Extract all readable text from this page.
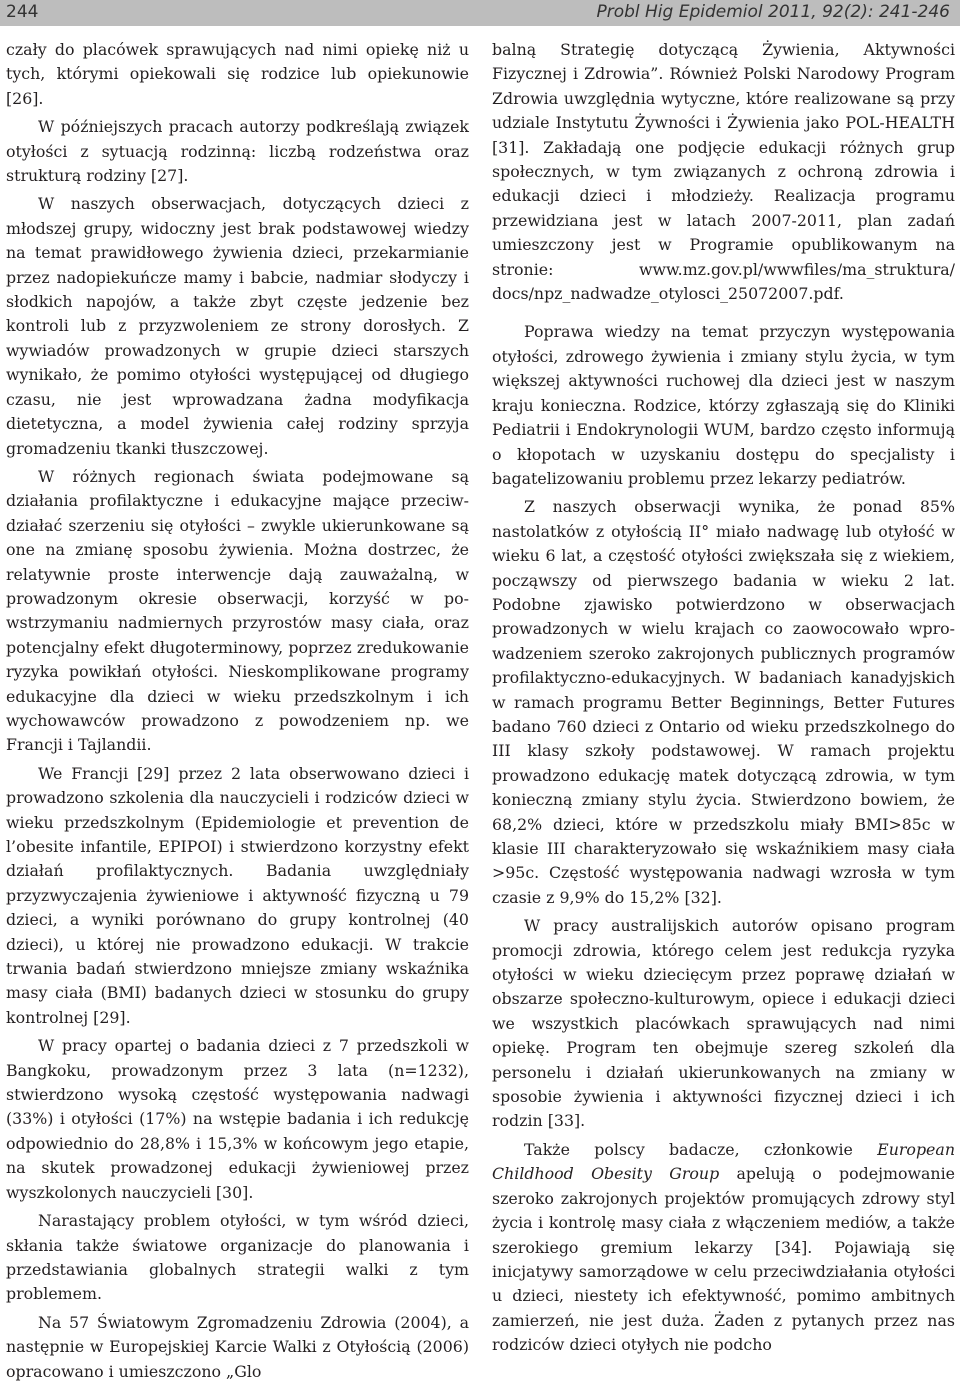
244	Probl Hig Epidemiol 2011, 92(2): 241-246

czały do placówek sprawujących nad nimi opiekę niż u tych, którymi opiekowali się rodzice lub opiekunowie [26].

W późniejszych pracach autorzy podkreślają związek otyłości z sytuacją rodzinną: liczbą rodzeństwa oraz strukturą rodziny [27].

W naszych obserwacjach, dotyczących dzieci z młodszej grupy, widoczny jest brak podstawowej wiedzy na temat prawidłowego żywienia dzieci, przekarmianie przez nadopiekuńcze mamy i babcie, nadmiar słodyczy i słodkich napojów, a także zbyt częste jedzenie bez kontroli lub z przyzwoleniem ze strony dorosłych. Z wywiadów prowadzonych w grupie dzieci starszych wynikało, że pomimo otyłości występującej od długiego czasu, nie jest wprowadzana żadna modyfikacja dietetyczna, a model żywienia całej rodziny sprzyja gromadzeniu tkanki tłuszczowej.

W różnych regionach świata podejmowane są działania profilaktyczne i edukacyjne mające przeciwdziałać szerzeniu się otyłości – zwykle ukierunkowane są one na zmianę sposobu żywienia. Można dostrzec, że relatywnie proste interwencje dają zauważalną, w prowadzonym okresie obserwacji, korzyść w powstrzymaniu nadmiernych przyrostów masy ciała, oraz potencjalny efekt długoterminowy, poprzez zredukowanie ryzyka powikłań otyłości. Nieskomplikowane programy edukacyjne dla dzieci w wieku przedszkolnym i ich wychowawców prowadzono z powodzeniem np. we Francji i Tajlandii.

We Francji [29] przez 2 lata obserwowano dzieci i prowadzono szkolenia dla nauczycieli i rodziców dzieci w wieku przedszkolnym (Epidemiologie et prevention de l’obesite infantile, EPIPOI) i stwierdzono korzystny efekt działań profilaktycznych. Badania uwzględniały przyzwyczajenia żywieniowe i aktywność fizyczną u 79 dzieci, a wyniki porównano do grupy kontrolnej (40 dzieci), u której nie prowadzono edukacji. W trakcie trwania badań stwierdzono mniejsze zmiany wskaźnika masy ciała (BMI) badanych dzieci w stosunku do grupy kontrolnej [29].

W pracy opartej o badania dzieci z 7 przedszkoli w Bangkoku, prowadzonym przez 3 lata (n=1232), stwierdzono wysoką częstość występowania nadwagi (33%) i otyłości (17%) na wstępie badania i ich redukcję odpowiednio do 28,8% i 15,3% w końcowym jego etapie, na skutek prowadzonej edukacji żywieniowej przez wyszkolonych nauczycieli [30].

Narastający problem otyłości, w tym wśród dzieci, skłania także światowe organizacje do planowania i przedstawiania globalnych strategii walki z tym problemem.

Na 57 Światowym Zgromadzeniu Zdrowia (2004), a następnie w Europejskiej Karcie Walki z Otyłością (2006) opracowano i umieszczono „Glo

balną Strategię dotyczącą Żywienia, Aktywności Fizycznej i Zdrowia”. Również Polski Narodowy Program Zdrowia uwzględnia wytyczne, które realizowane są przy udziale Instytutu Żywności i Żywienia jako POL-HEALTH [31]. Zakładają one podjęcie edukacji różnych grup społecznych, w tym związanych z ochroną zdrowia i edukacji dzieci i młodzieży. Realizacja programu przewidziana jest w latach 2007-2011, plan zadań umieszczony jest w Programie opublikowanym na stronie: www.mz.gov.pl/wwwfiles/ma_struktura/ docs/npz_nadwadze_otylosci_25072007.pdf.

Poprawa wiedzy na temat przyczyn występowania otyłości, zdrowego żywienia i zmiany stylu życia, w tym większej aktywności ruchowej dla dzieci jest w naszym kraju konieczna. Rodzice, którzy zgłaszają się do Kliniki Pediatrii i Endokrynologii WUM, bardzo często informują o kłopotach w uzyskaniu dostępu do specjalisty i bagatelizowaniu problemu przez lekarzy pediatrów.

Z naszych obserwacji wynika, że ponad 85% nastolatków z otyłością II° miało nadwagę lub otyłość w wieku 6 lat, a częstość otyłości zwiększała się z wiekiem, począwszy od pierwszego badania w wieku 2 lat. Podobne zjawisko potwierdzono w obserwacjach prowadzonych w wielu krajach co zaowocowało wprowadzeniem szeroko zakrojonych publicznych programów profilaktyczno-edukacyjnych. W badaniach kanadyjskich w ramach programu Better Beginnings, Better Futures badano 760 dzieci z Ontario od wieku przedszkolnego do III klasy szkoły podstawowej. W ramach projektu prowadzono edukację matek dotyczącą zdrowia, w tym konieczną zmiany stylu życia. Stwierdzono bowiem, że 68,2% dzieci, które w przedszkolu miały BMI>85c w klasie III charakteryzowało się wskaźnikiem masy ciała >95c. Częstość występowania nadwagi wzrosła w tym czasie z 9,9% do 15,2% [32].

W pracy australijskich autorów opisano program promocji zdrowia, którego celem jest redukcja ryzyka otyłości w wieku dziecięcym przez poprawę działań w obszarze społeczno-kulturowym, opiece i edukacji dzieci we wszystkich placówkach sprawujących nad nimi opiekę. Program ten obejmuje szereg szkoleń dla personelu i działań ukierunkowanych na zmiany w sposobie żywienia i aktywności fizycznej dzieci i ich rodzin [33].

Także polscy badacze, członkowie European Childhood Obesity Group apelują o podejmowanie szeroko zakrojonych projektów promujących zdrowy styl życia i kontrolę masy ciała z włączeniem mediów, a także szerokiego gremium lekarzy [34]. Pojawiają się inicjatywy samorządowe w celu przeciwdziałania otyłości u dzieci, niestety ich efektywność, pomimo ambitnych zamierzeń, nie jest duża. Żaden z pytanych przez nas rodziców dzieci otyłych nie podcho
